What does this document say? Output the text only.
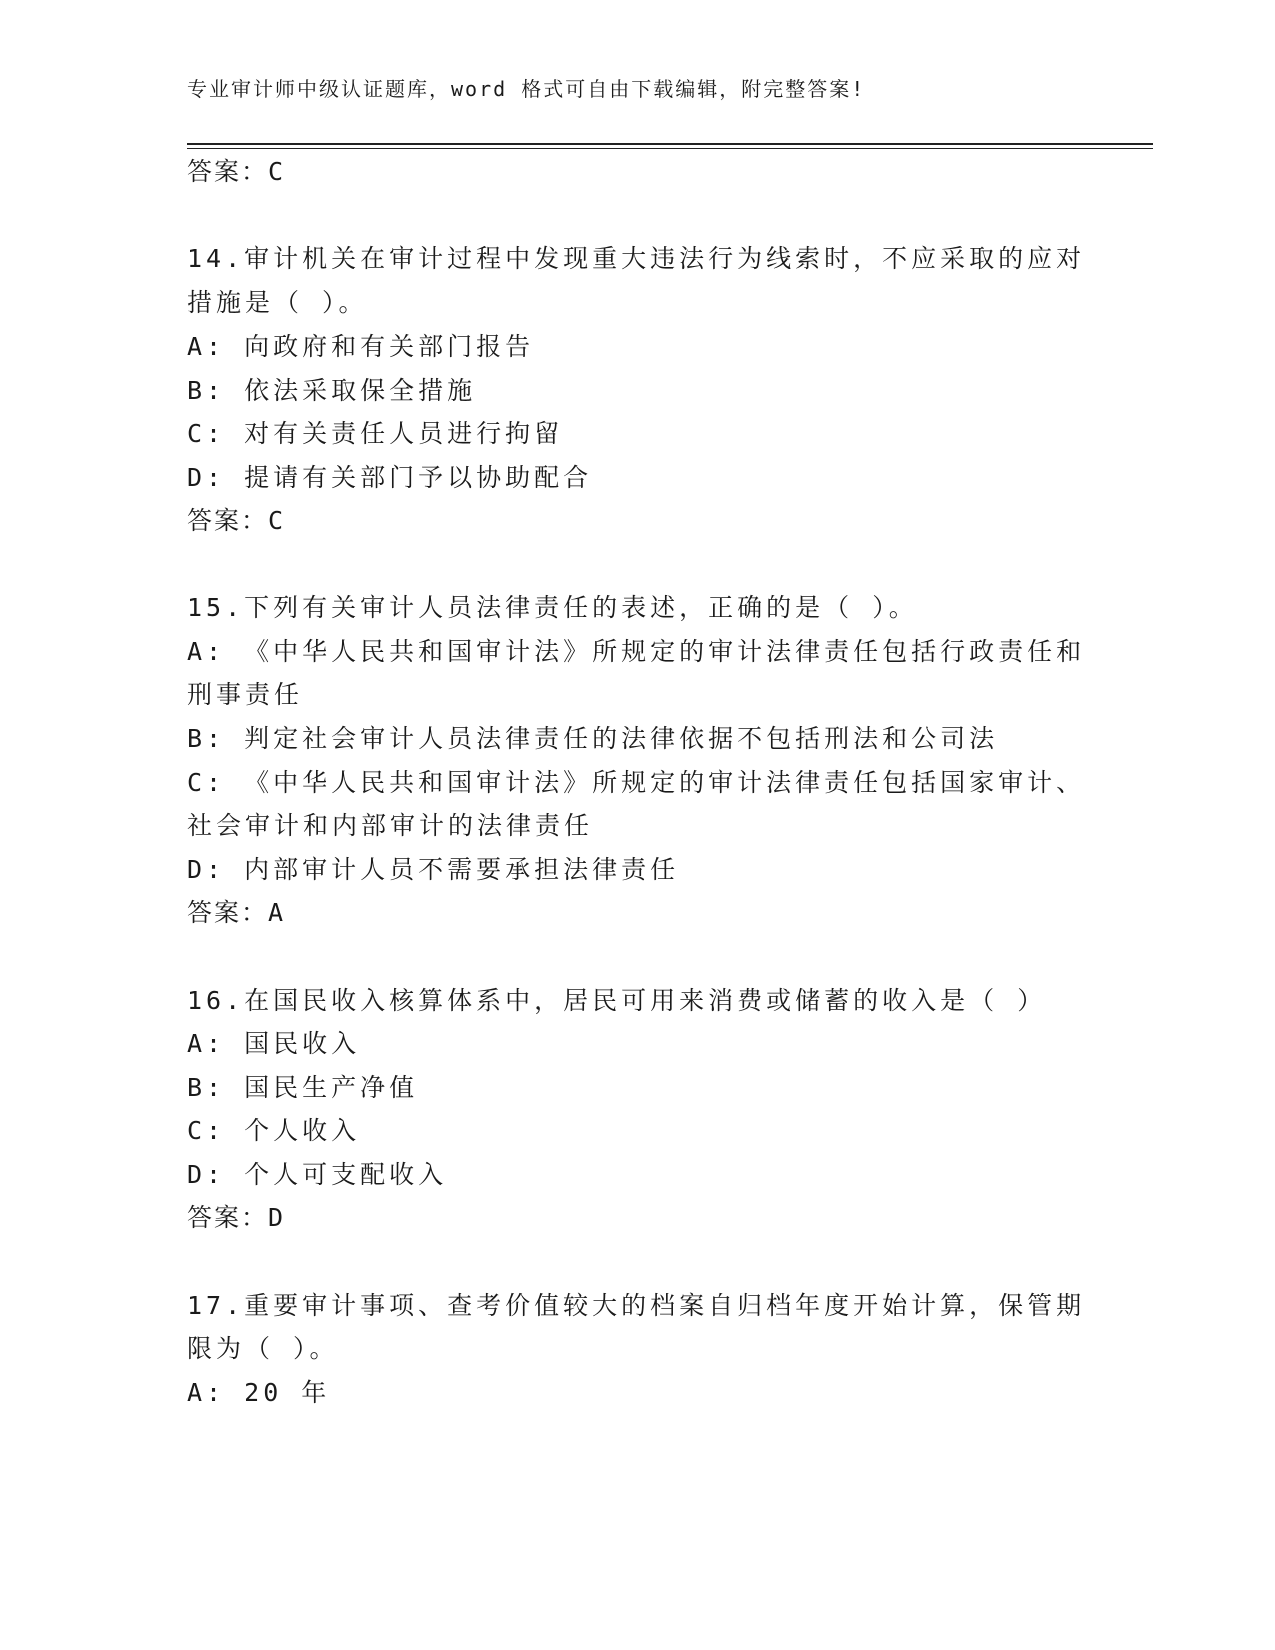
专业审计师中级认证题库，word 格式可自由下载编辑，附完整答案!
答案：C
14.审计机关在审计过程中发现重大违法行为线索时，不应采取的应对
措施是（ ）。
A: 向政府和有关部门报告
B: 依法采取保全措施
C: 对有关责任人员进行拘留
D: 提请有关部门予以协助配合
答案：C
15.下列有关审计人员法律责任的表述，正确的是（ ）。
A: 《中华人民共和国审计法》所规定的审计法律责任包括行政责任和
刑事责任
B: 判定社会审计人员法律责任的法律依据不包括刑法和公司法
C: 《中华人民共和国审计法》所规定的审计法律责任包括国家审计、
社会审计和内部审计的法律责任
D: 内部审计人员不需要承担法律责任
答案：A
16.在国民收入核算体系中，居民可用来消费或储蓄的收入是（ ）
A: 国民收入
B: 国民生产净值
C: 个人收入
D: 个人可支配收入
答案：D
17.重要审计事项、查考价值较大的档案自归档年度开始计算，保管期
限为（ ）。
A: 20 年
